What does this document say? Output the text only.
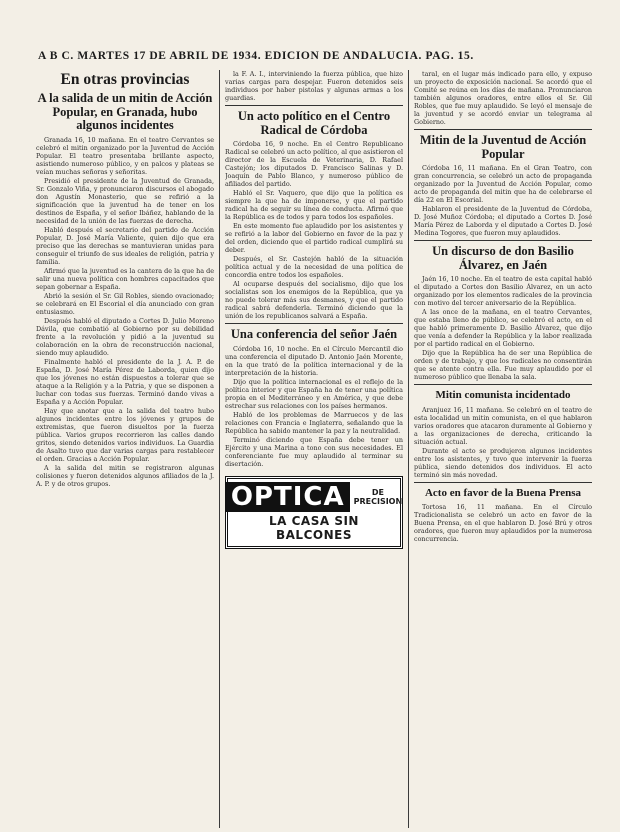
A B C. MARTES 17 DE ABRIL DE 1934. EDICION DE ANDALUCIA. PAG. 15.
En otras provincias
A la salida de un mitin de Acción Popular, en Granada, hubo algunos incidentes
Granada 16, 10 mañana. En el teatro Cervantes se celebró el mitin organizado por la Juventud de Acción Popular. El teatro presentaba brillante aspecto, asistiendo numeroso público, y en palcos y plateas se veían muchas señoras y señoritas.
Presidió el presidente de la Juventud de Granada, Sr. Gonzalo Viña, y pronunciaron discursos el abogado don Agustín Monasterio, que se refirió a la significación que la juventud ha de tener en los destinos de España, y el señor Ibáñez, hablando de la necesidad de la unión de las fuerzas de derecha.
Habló después el secretario del partido de Acción Popular, D. José María Valiente, quien dijo que era preciso que las derechas se mantuvieran unidas para conseguir el triunfo de sus ideales de religión, patria y familia.
Afirmó que la juventud es la cantera de la que ha de salir una nueva política con hombres capacitados que sepan gobernar a España.
Abrió la sesión el Sr. Gil Robles, siendo ovacionado; se celebrará en El Escorial el día anunciado con gran entusiasmo.
Después habló el diputado a Cortes D. Julio Moreno Dávila, que combatió al Gobierno por su debilidad frente a la revolución y pidió a la juventud su colaboración en la obra de reconstrucción nacional, siendo muy aplaudido.
Finalmente habló el presidente de la J. A. P. de España, D. José María Pérez de Laborda, quien dijo que los jóvenes no están dispuestos a tolerar que se ataque a la Religión y a la Patria, y que se disponen a luchar con todas sus fuerzas. Terminó dando vivas a España y a Acción Popular.
Hay que anotar que a la salida del teatro hubo algunos incidentes entre los jóvenes y grupos de extremistas, que fueron disueltos por la fuerza pública. Varios grupos recorrieron las calles dando gritos, siendo detenidos varios individuos. La Guardia de Asalto tuvo que dar varias cargas para restablecer el orden. Gracias a Acción Popular.
A la salida del mitin se registraron algunas colisiones y fueron detenidos algunos afiliados de la J. A. P. y de otros grupos.
la F. A. I., interviniendo la fuerza pública, que hizo varias cargas para despejar. Fueron detenidos seis individuos por haber pistolas y algunas armas a los guardias.
Un acto político en el Centro Radical de Córdoba
Córdoba 16, 9 noche. En el Centro Republicano Radical se celebró un acto político, al que asistieron el director de la Escuela de Veterinaria, D. Rafael Castejón; los diputados D. Francisco Salinas y D. Joaquín de Pablo Blanco, y numeroso público de afiliados del partido.
Habló el Sr. Vaquero, que dijo que la política es siempre la que ha de imponerse, y que el partido radical ha de seguir su línea de conducta. Afirmó que la República es de todos y para todos los españoles.
En este momento fue aplaudido por los asistentes y se refirió a la labor del Gobierno en favor de la paz y del orden, diciendo que el partido radical cumplirá su deber.
Después, el Sr. Castejón habló de la situación política actual y de la necesidad de una política de concordia entre todos los españoles.
Al ocuparse después del socialismo, dijo que los socialistas son los enemigos de la República, que ya no puede tolerar más sus desmanes, y que el partido radical sabrá defenderla. Terminó diciendo que la unión de los republicanos salvará a España.
Una conferencia del señor Jaén
Córdoba 16, 10 noche. En el Círculo Mercantil dio una conferencia el diputado D. Antonio Jaén Morente, en la que trató de la política internacional y de la interpretación de la historia.
Dijo que la política internacional es el reflejo de la política interior y que España ha de tener una política propia en el Mediterráneo y en América, y que debe estrechar sus relaciones con los países hermanos.
Habló de los problemas de Marruecos y de las relaciones con Francia e Inglaterra, señalando que la República ha sabido mantener la paz y la neutralidad.
Terminó diciendo que España debe tener un Ejército y una Marina a tono con sus necesidades. El conferenciante fue muy aplaudido al terminar su disertación.
OPTICA	DE
PRECISION
LA CASA SIN BALCONES
taral, en el lugar más indicado para ello, y expuso un proyecto de exposición nacional. Se acordó que el Comité se reúna en los días de mañana. Pronunciaron también algunos oradores, entre ellos el Sr. Gil Robles, que fue muy aplaudido. Se leyó el mensaje de la juventud y se acordó enviar un telegrama al Gobierno.
Mitin de la Juventud de Acción Popular
Córdoba 16, 11 mañana. En el Gran Teatro, con gran concurrencia, se celebró un acto de propaganda organizado por la Juventud de Acción Popular, como acto de propaganda del mitin que ha de celebrarse el día 22 en El Escorial.
Hablaron el presidente de la Juventud de Córdoba, D. José Muñoz Córdoba; el diputado a Cortes D. José María Pérez de Laborda y el diputado a Cortes D. José Medina Togores, que fueron muy aplaudidos.
Un discurso de don Basilio Álvarez, en Jaén
Jaén 16, 10 noche. En el teatro de esta capital habló el diputado a Cortes don Basilio Álvarez, en un acto organizado por los elementos radicales de la provincia con motivo del tercer aniversario de la República.
A las once de la mañana, en el teatro Cervantes, que estaba lleno de público, se celebró el acto, en el que habló primeramente D. Basilio Álvarez, que dijo que venía a defender la República y la labor realizada por el partido radical en el Gobierno.
Dijo que la República ha de ser una República de orden y de trabajo, y que los radicales no consentirán que se atente contra ella. Fue muy aplaudido por el numeroso público que llenaba la sala.
Mitin comunista incidentado
Aranjuez 16, 11 mañana. Se celebró en el teatro de esta localidad un mitin comunista, en el que hablaron varios oradores que atacaron duramente al Gobierno y a las organizaciones de derecha, criticando la situación actual.
Durante el acto se produjeron algunos incidentes entre los asistentes, y tuvo que intervenir la fuerza pública, siendo detenidos dos individuos. El acto terminó sin más novedad.
Acto en favor de la Buena Prensa
Tortosa 16, 11 mañana. En el Círculo Tradicionalista se celebró un acto en favor de la Buena Prensa, en el que hablaron D. José Brú y otros oradores, que fueron muy aplaudidos por la numerosa concurrencia.
